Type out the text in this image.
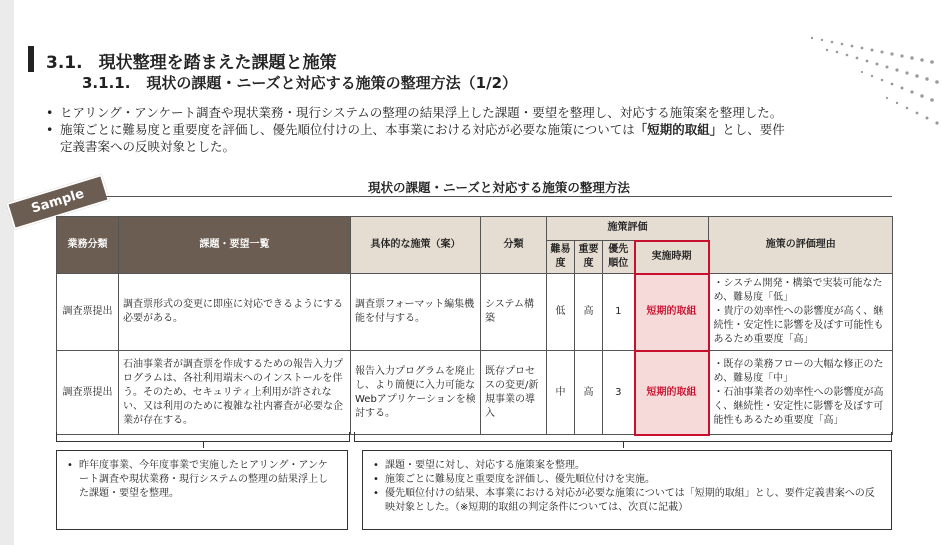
3.1. 現状整理を踏まえた課題と施策
3.1.1. 現状の課題・ニーズと対応する施策の整理方法（1/2）
• ヒアリング・アンケート調査や現状業務・現行システムの整理の結果浮上した課題・要望を整理し、対応する施策案を整理した。
• 施策ごとに難易度と重要度を評価し、優先順位付けの上、本事業における対応が必要な施策については「短期的取組」とし、要件
定義書案への反映対象とした。
Sample	現状の課題・ニーズと対応する施策の整理方法
業務分類	課題・要望一覧	具体的な施策（案）	分類	施策評価				施策の評価理由
				難易度	重要度	優先順位	実施時期	
調査票提出	調査票形式の変更に即座に対応できるようにする必要がある。	調査票フォーマット編集機能を付与する。	システム構築	低	高	1	短期的取組	・システム開発・構築で実装可能なため、難易度「低」
・貴庁の効率性への影響度が高く、継続性・安定性に影響を及ぼす可能性もあるため重要度「高」
調査票提出	石油事業者が調査票を作成するための報告入力プログラムは、各社利用端末へのインストールを伴う。そのため、セキュリティ上利用が許されない、又は利用のために複雑な社内審査が必要な企業が存在する。	報告入力プログラムを廃止し、より簡便に入力可能なWebアプリケーションを検討する。	既存プロセスの変更/新規事業の導入	中	高	3	短期的取組	・既存の業務フローの大幅な修正のため、難易度「中」
・石油事業者の効率性への影響度が高く、継続性・安定性に影響を及ぼす可能性もあるため重要度「高」
• 昨年度事業、今年度事業で実施したヒアリング・アンケート調査や現状業務・現行システムの整理の結果浮上した課題・要望を整理。
• 課題・要望に対し、対応する施策案を整理。
• 施策ごとに難易度と重要度を評価し、優先順位付けを実施。
• 優先順位付けの結果、本事業における対応が必要な施策については「短期的取組」とし、要件定義書案への反映対象とした。（※短期的取組の判定条件については、次頁に記載）
